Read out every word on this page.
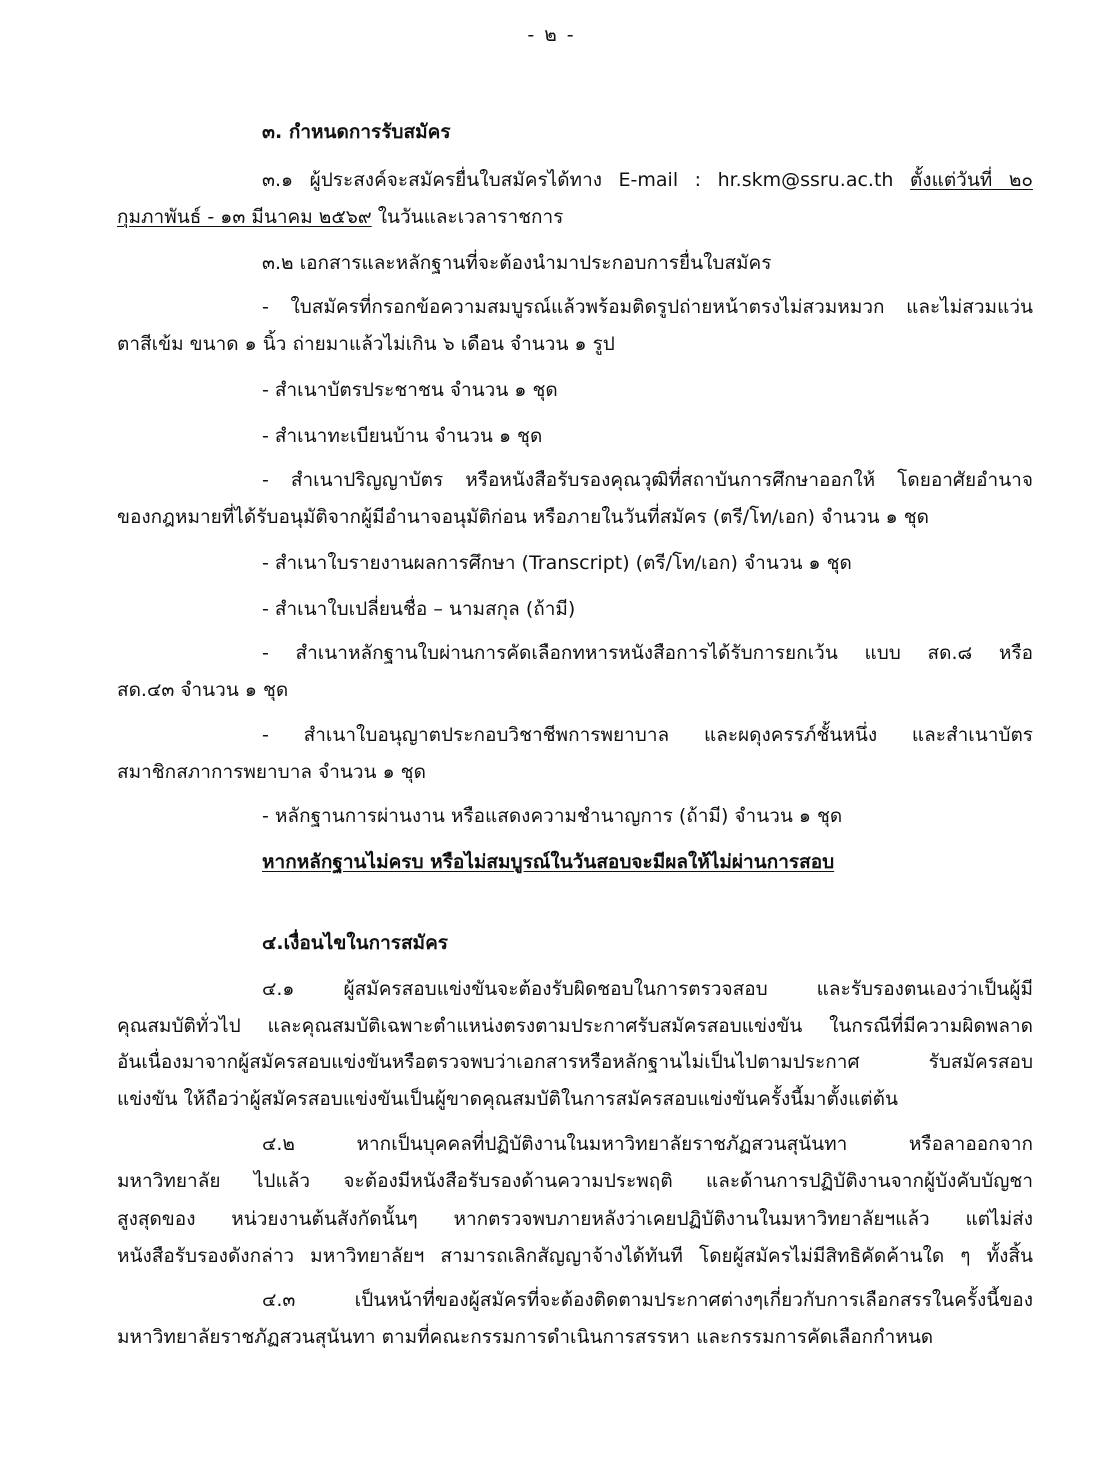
- ๒ -
๓. กำหนดการรับสมัคร
๓.๑ ผู้ประสงค์จะสมัครยื่นใบสมัครได้ทาง E-mail : hr.skm@ssru.ac.th ตั้งแต่วันที่ ๒๐
กุมภาพันธ์ - ๑๓ มีนาคม ๒๕๖๙ ในวันและเวลาราชการ
๓.๒ เอกสารและหลักฐานที่จะต้องนำมาประกอบการยื่นใบสมัคร
- ใบสมัครที่กรอกข้อความสมบูรณ์แล้วพร้อมติดรูปถ่ายหน้าตรงไม่สวมหมวก และไม่สวมแว่น
ตาสีเข้ม ขนาด ๑ นิ้ว ถ่ายมาแล้วไม่เกิน ๖ เดือน จำนวน ๑ รูป
- สำเนาบัตรประชาชน จำนวน ๑ ชุด
- สำเนาทะเบียนบ้าน จำนวน ๑ ชุด
- สำเนาปริญญาบัตร หรือหนังสือรับรองคุณวุฒิที่สถาบันการศึกษาออกให้ โดยอาศัยอำนาจ
ของกฎหมายที่ได้รับอนุมัติจากผู้มีอำนาจอนุมัติก่อน หรือภายในวันที่สมัคร (ตรี/โท/เอก) จำนวน ๑ ชุด
- สำเนาใบรายงานผลการศึกษา (Transcript) (ตรี/โท/เอก) จำนวน ๑ ชุด
- สำเนาใบเปลี่ยนชื่อ – นามสกุล (ถ้ามี)
- สำเนาหลักฐานใบผ่านการคัดเลือกทหารหนังสือการได้รับการยกเว้น แบบ สด.๘ หรือ
สด.๔๓ จำนวน ๑ ชุด
- สำเนาใบอนุญาตประกอบวิชาชีพการพยาบาล และผดุงครรภ์ชั้นหนึ่ง และสำเนาบัตร
สมาชิกสภาการพยาบาล จำนวน ๑ ชุด
- หลักฐานการผ่านงาน หรือแสดงความชำนาญการ (ถ้ามี) จำนวน ๑ ชุด
หากหลักฐานไม่ครบ หรือไม่สมบูรณ์ในวันสอบจะมีผลให้ไม่ผ่านการสอบ
๔.เงื่อนไขในการสมัคร
๔.๑ ผู้สมัครสอบแข่งขันจะต้องรับผิดชอบในการตรวจสอบ และรับรองตนเองว่าเป็นผู้มี
คุณสมบัติทั่วไป และคุณสมบัติเฉพาะตำแหน่งตรงตามประกาศรับสมัครสอบแข่งขัน ในกรณีที่มีความผิดพลาด
อันเนื่องมาจากผู้สมัครสอบแข่งขันหรือตรวจพบว่าเอกสารหรือหลักฐานไม่เป็นไปตามประกาศ รับสมัครสอบ
แข่งขัน ให้ถือว่าผู้สมัครสอบแข่งขันเป็นผู้ขาดคุณสมบัติในการสมัครสอบแข่งขันครั้งนี้มาตั้งแต่ต้น
๔.๒ หากเป็นบุคคลที่ปฏิบัติงานในมหาวิทยาลัยราชภัฏสวนสุนันทา หรือลาออกจาก
มหาวิทยาลัย ไปแล้ว จะต้องมีหนังสือรับรองด้านความประพฤติ และด้านการปฏิบัติงานจากผู้บังคับบัญชา
สูงสุดของ หน่วยงานต้นสังกัดนั้นๆ หากตรวจพบภายหลังว่าเคยปฏิบัติงานในมหาวิทยาลัยฯแล้ว แต่ไม่ส่ง
หนังสือรับรองดังกล่าว มหาวิทยาลัยฯ สามารถเลิกสัญญาจ้างได้ทันที โดยผู้สมัครไม่มีสิทธิคัดค้านใด ๆ ทั้งสิ้น
๔.๓ เป็นหน้าที่ของผู้สมัครที่จะต้องติดตามประกาศต่างๆเกี่ยวกับการเลือกสรรในครั้งนี้ของ
มหาวิทยาลัยราชภัฏสวนสุนันทา ตามที่คณะกรรมการดำเนินการสรรหา และกรรมการคัดเลือกกำหนด
